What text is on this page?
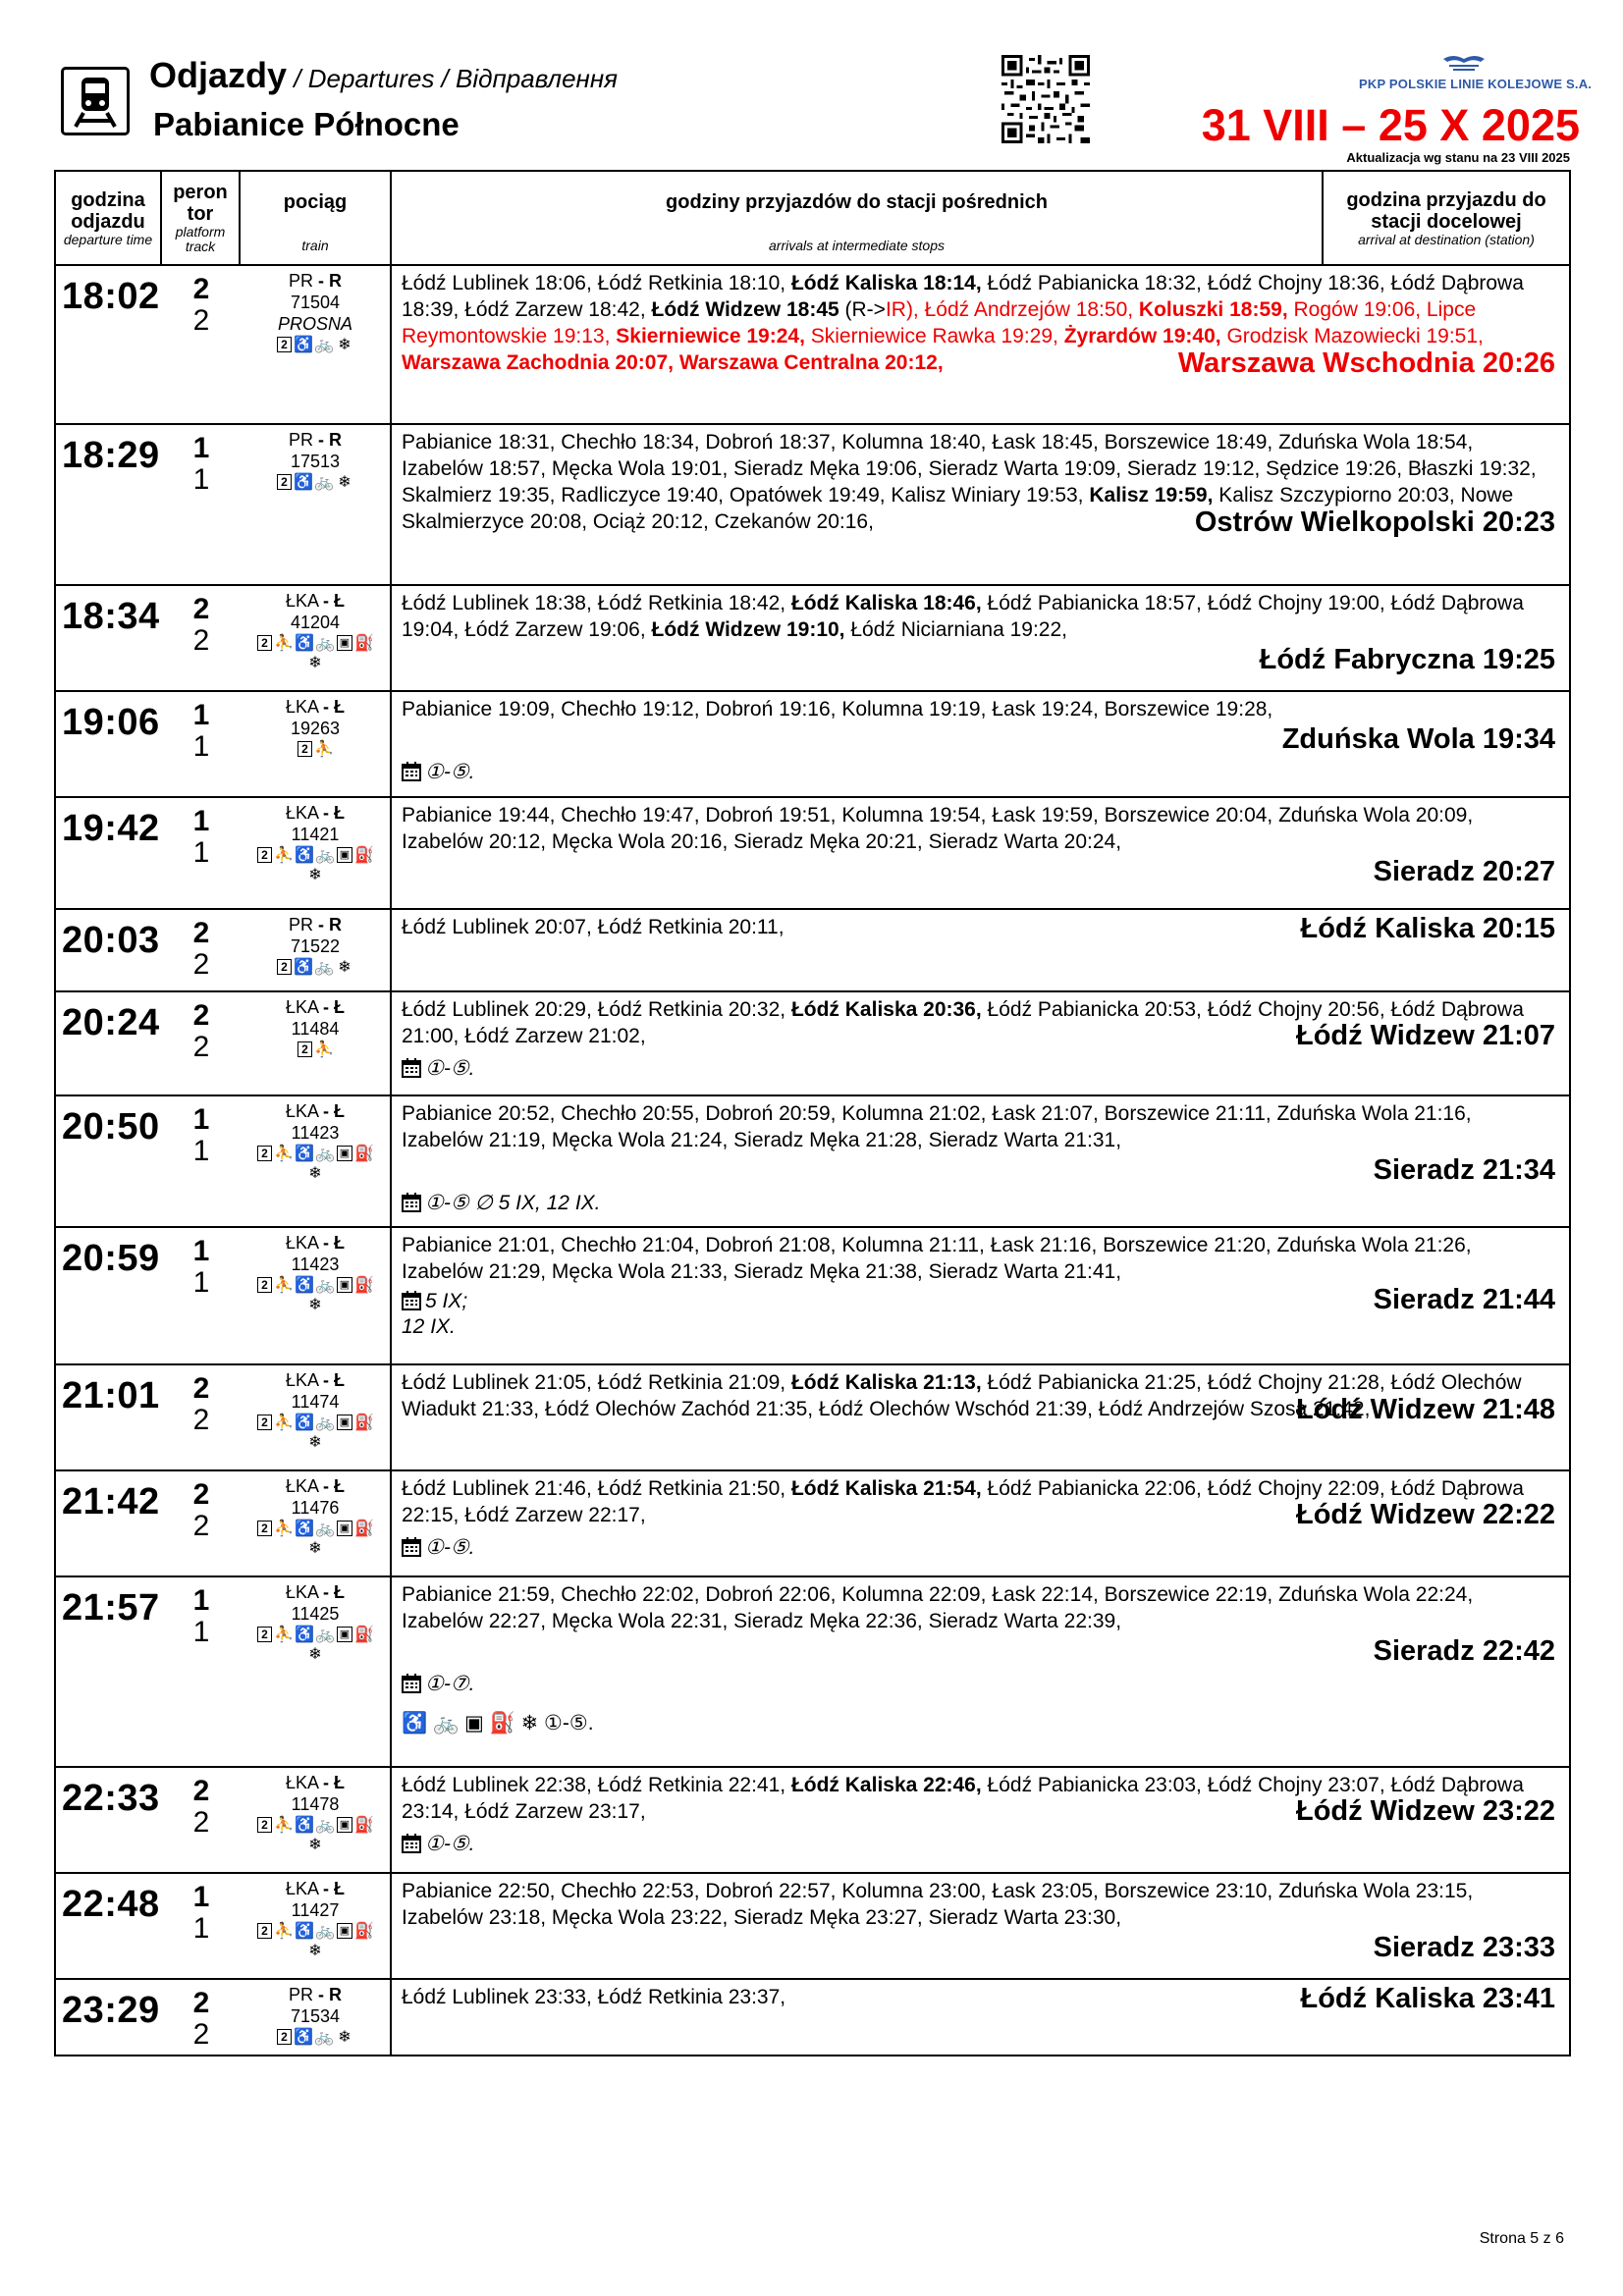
Odjazdy / Departures / Відправлення
Pabianice Północne
PKP POLSKIE LINIE KOLEJOWE S.A.
31 VIII – 25 X 2025
Aktualizacja wg stanu na 23 VIII 2025
godzina odjazdu
departure time
peron tor
platform track
pociąg
train
godziny przyjazdów do stacji pośrednich
arrivals at intermediate stops
godzina przyjazdu do stacji docelowej
arrival at destination (station)
18:02	2
2
PR - R
71504
PROSNA
2 ♿ 🚲 ❄
Łódź Lublinek 18:06, Łódź Retkinia 18:10, Łódź Kaliska 18:14, Łódź Pabianicka 18:32, Łódź Chojny 18:36, Łódź Dąbrowa 18:39, Łódź Zarzew 18:42, Łódź Widzew 18:45 (R->IR), Łódź Andrzejów 18:50, Koluszki 18:59, Rogów 19:06, Lipce Reymontowskie 19:13, Skierniewice 19:24, Skierniewice Rawka 19:29, Żyrardów 19:40, Grodzisk Mazowiecki 19:51, Warszawa Zachodnia 20:07, Warszawa Centralna 20:12,	Warszawa Wschodnia 20:26
18:29	1
1
PR - R
17513
2 ♿ 🚲 ❄
Pabianice 18:31, Chechło 18:34, Dobroń 18:37, Kolumna 18:40, Łask 18:45, Borszewice 18:49, Zduńska Wola 18:54, Izabelów 18:57, Męcka Wola 19:01, Sieradz Męka 19:06, Sieradz Warta 19:09, Sieradz 19:12, Sędzice 19:26, Błaszki 19:32, Skalmierz 19:35, Radliczyce 19:40, Opatówek 19:49, Kalisz Winiary 19:53, Kalisz 19:59, Kalisz Szczypiorno 20:03, Nowe Skalmierzyce 20:08, Ociąż 20:12, Czekanów 20:16,	Ostrów Wielkopolski 20:23
18:34	2
2
ŁKA - Ł
41204
2 ⛹ ♿ 🚲 ▣ ⛽
❄
Łódź Lublinek 18:38, Łódź Retkinia 18:42, Łódź Kaliska 18:46, Łódź Pabianicka 18:57, Łódź Chojny 19:00, Łódź Dąbrowa 19:04, Łódź Zarzew 19:06, Łódź Widzew 19:10, Łódź Niciarniana 19:22,
Łódź Fabryczna 19:25
19:06	1
1
ŁKA - Ł
19263
2 ⛹
Pabianice 19:09, Chechło 19:12, Dobroń 19:16, Kolumna 19:19, Łask 19:24, Borszewice 19:28,
Zduńska Wola 19:34
①-⑤.
19:42	1
1
ŁKA - Ł
11421
2 ⛹ ♿ 🚲 ▣ ⛽
❄
Pabianice 19:44, Chechło 19:47, Dobroń 19:51, Kolumna 19:54, Łask 19:59, Borszewice 20:04, Zduńska Wola 20:09, Izabelów 20:12, Męcka Wola 20:16, Sieradz Męka 20:21, Sieradz Warta 20:24,
Sieradz 20:27
20:03	2
2
PR - R
71522
2 ♿ 🚲 ❄
Łódź Lublinek 20:07, Łódź Retkinia 20:11,	Łódź Kaliska 20:15
20:24	2
2
ŁKA - Ł
11484
2 ⛹
Łódź Lublinek 20:29, Łódź Retkinia 20:32, Łódź Kaliska 20:36, Łódź Pabianicka 20:53, Łódź Chojny 20:56, Łódź Dąbrowa 21:00, Łódź Zarzew 21:02,	Łódź Widzew 21:07
①-⑤.
20:50	1
1
ŁKA - Ł
11423
2 ⛹ ♿ 🚲 ▣ ⛽
❄
Pabianice 20:52, Chechło 20:55, Dobroń 20:59, Kolumna 21:02, Łask 21:07, Borszewice 21:11, Zduńska Wola 21:16, Izabelów 21:19, Męcka Wola 21:24, Sieradz Męka 21:28, Sieradz Warta 21:31,
Sieradz 21:34
①-⑤ ∅ 5 IX, 12 IX.
20:59	1
1
ŁKA - Ł
11423
2 ⛹ ♿ 🚲 ▣ ⛽
❄
Pabianice 21:01, Chechło 21:04, Dobroń 21:08, Kolumna 21:11, Łask 21:16, Borszewice 21:20, Zduńska Wola 21:26, Izabelów 21:29, Męcka Wola 21:33, Sieradz Męka 21:38, Sieradz Warta 21:41,
Sieradz 21:44
5 IX;
12 IX.
21:01	2
2
ŁKA - Ł
11474
2 ⛹ ♿ 🚲 ▣ ⛽
❄
Łódź Lublinek 21:05, Łódź Retkinia 21:09, Łódź Kaliska 21:13, Łódź Pabianicka 21:25, Łódź Chojny 21:28, Łódź Olechów Wiadukt 21:33, Łódź Olechów Zachód 21:35, Łódź Olechów Wschód 21:39, Łódź Andrzejów Szosa 21:42,
Łódź Widzew 21:48
21:42	2
2
ŁKA - Ł
11476
2 ⛹ ♿ 🚲 ▣ ⛽
❄
Łódź Lublinek 21:46, Łódź Retkinia 21:50, Łódź Kaliska 21:54, Łódź Pabianicka 22:06, Łódź Chojny 22:09, Łódź Dąbrowa 22:15, Łódź Zarzew 22:17,	Łódź Widzew 22:22
①-⑤.
21:57	1
1
ŁKA - Ł
11425
2 ⛹ ♿ 🚲 ▣ ⛽
❄
Pabianice 21:59, Chechło 22:02, Dobroń 22:06, Kolumna 22:09, Łask 22:14, Borszewice 22:19, Zduńska Wola 22:24, Izabelów 22:27, Męcka Wola 22:31, Sieradz Męka 22:36, Sieradz Warta 22:39,
Sieradz 22:42
①-⑦.
♿ 🚲 ▣ ⛽ ❄ ①-⑤.
22:33	2
2
ŁKA - Ł
11478
2 ⛹ ♿ 🚲 ▣ ⛽
❄
Łódź Lublinek 22:38, Łódź Retkinia 22:41, Łódź Kaliska 22:46, Łódź Pabianicka 23:03, Łódź Chojny 23:07, Łódź Dąbrowa 23:14, Łódź Zarzew 23:17,	Łódź Widzew 23:22
①-⑤.
22:48	1
1
ŁKA - Ł
11427
2 ⛹ ♿ 🚲 ▣ ⛽
❄
Pabianice 22:50, Chechło 22:53, Dobroń 22:57, Kolumna 23:00, Łask 23:05, Borszewice 23:10, Zduńska Wola 23:15, Izabelów 23:18, Męcka Wola 23:22, Sieradz Męka 23:27, Sieradz Warta 23:30,
Sieradz 23:33
23:29	2
2
PR - R
71534
2 ♿ 🚲 ❄
Łódź Lublinek 23:33, Łódź Retkinia 23:37,	Łódź Kaliska 23:41
Strona 5 z 6
